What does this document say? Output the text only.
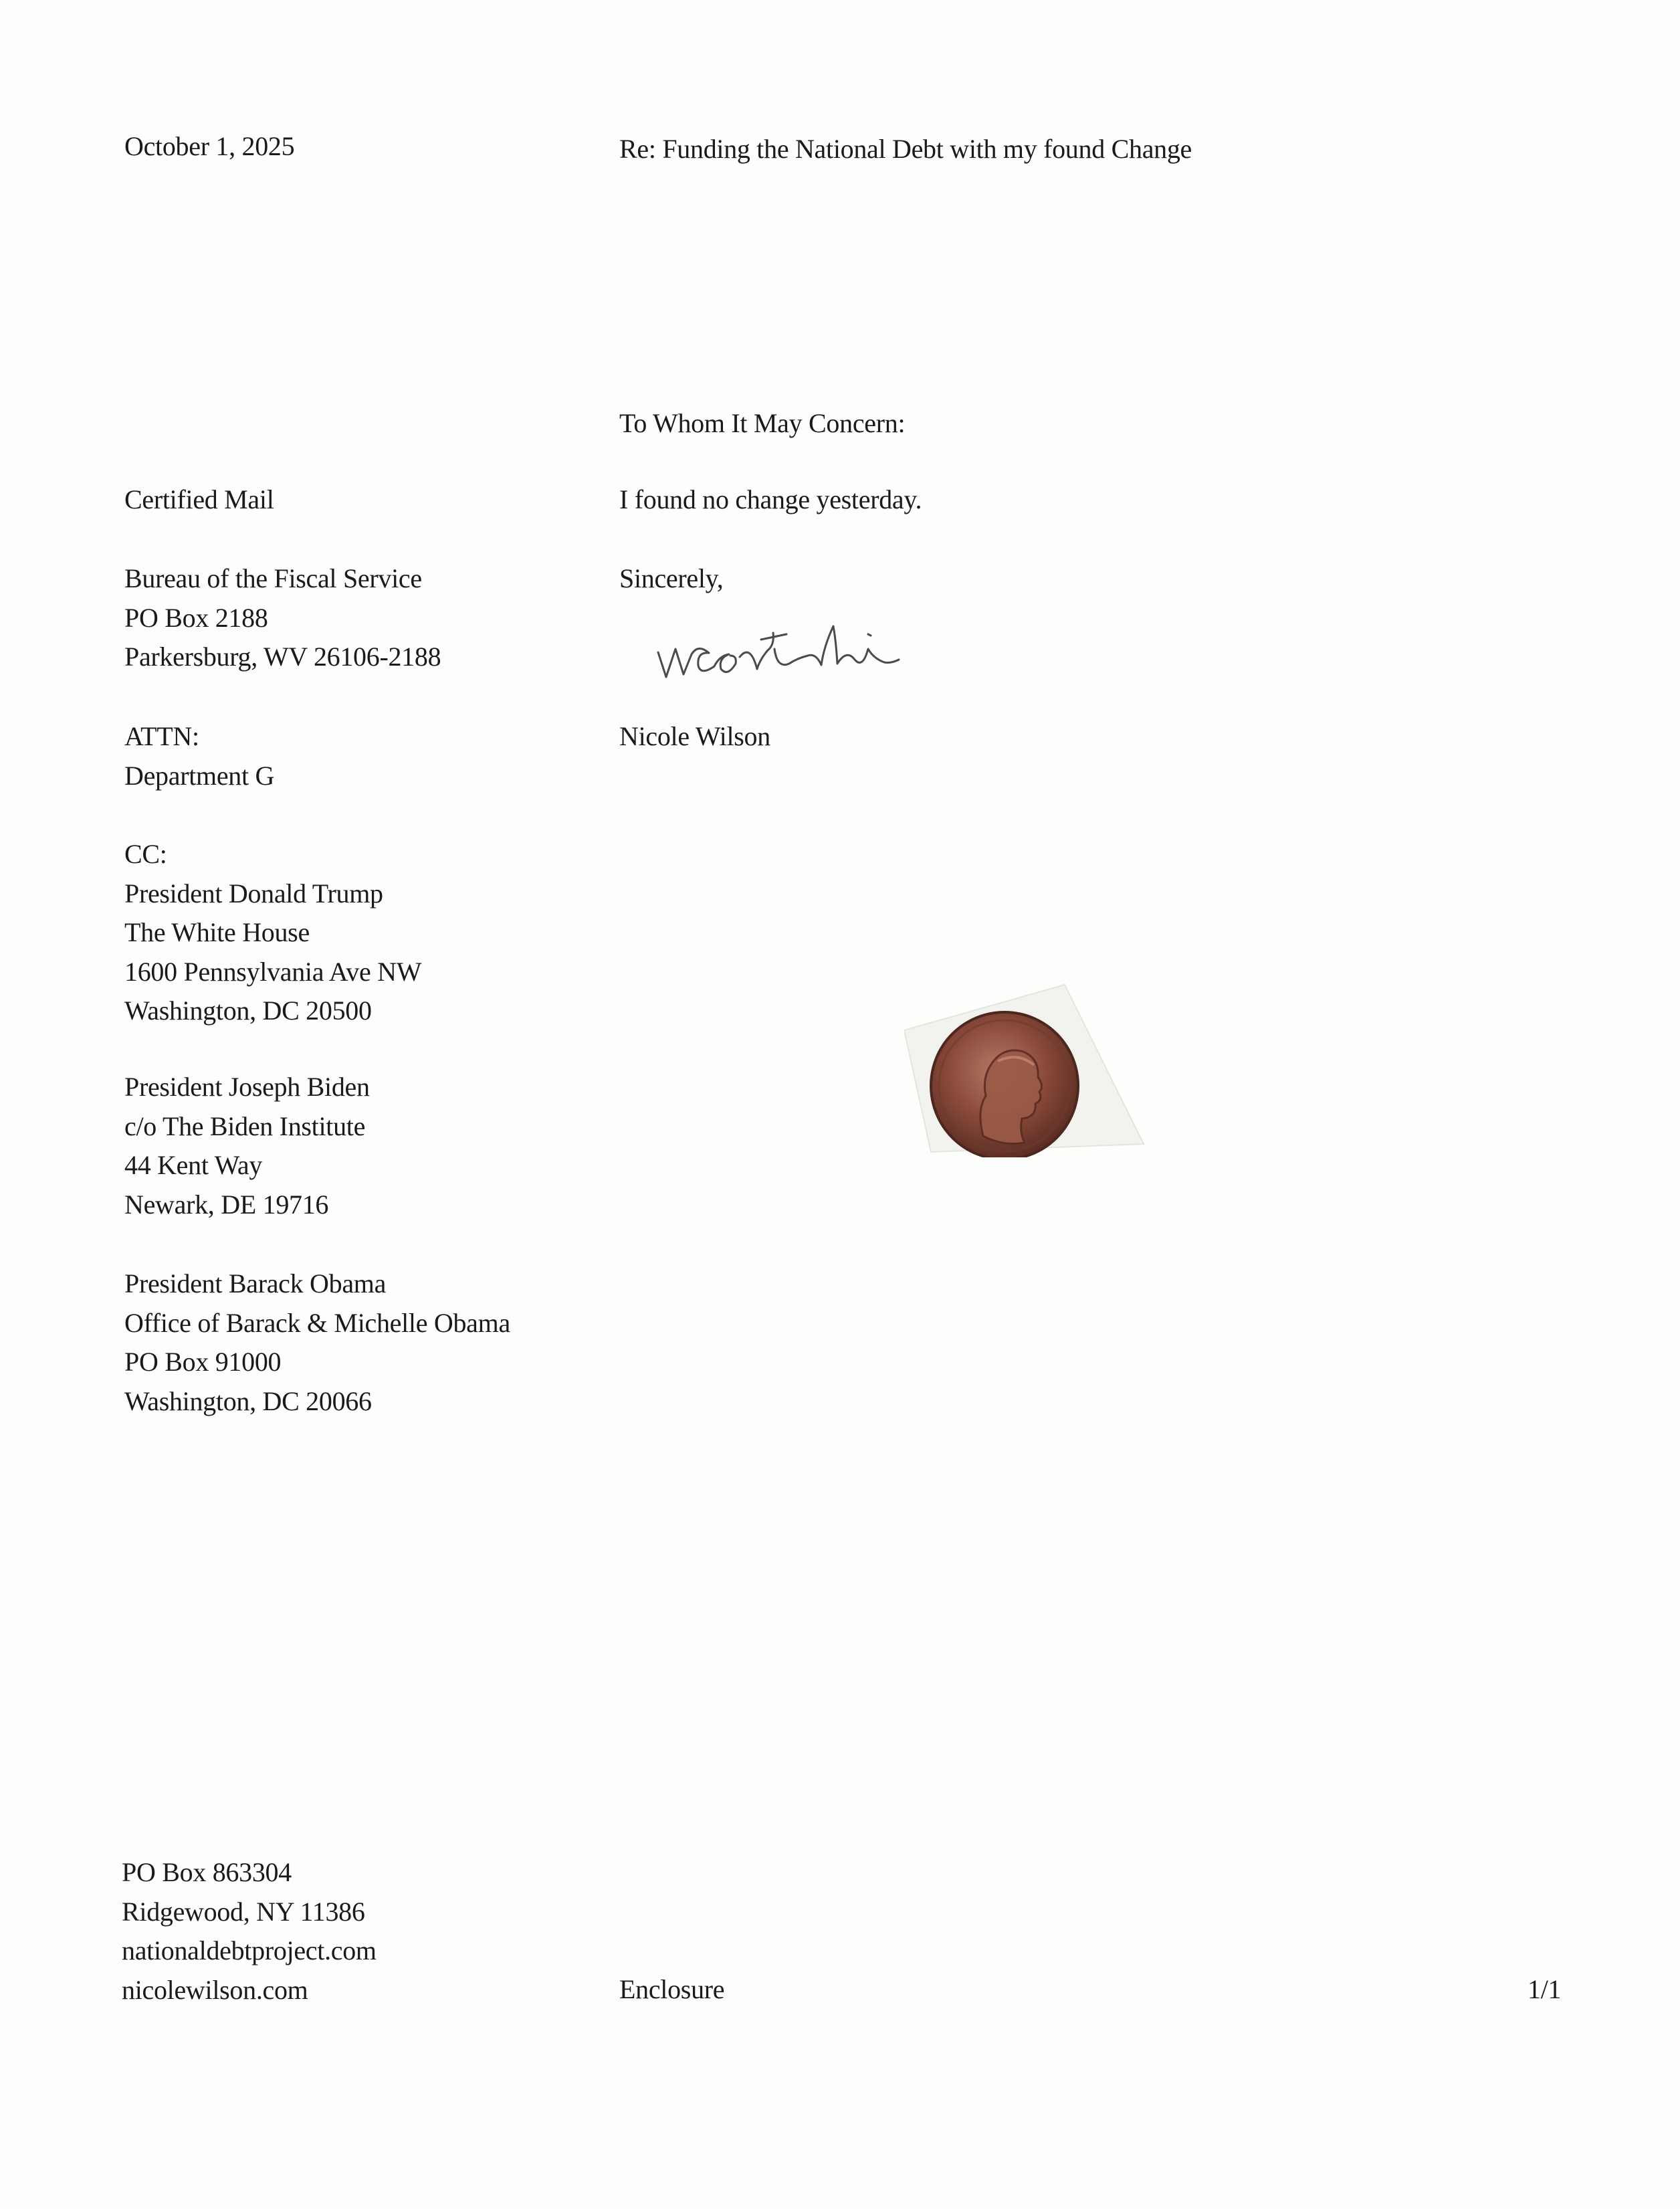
October 1, 2025	Re: Funding the National Debt with my found Change
To Whom It May Concern:
Certified Mail	I found no change yesterday.
Bureau of the Fiscal Service
PO Box 2188
Parkersburg, WV 26106-2188
Sincerely,
Nicole Wilson
ATTN:
Department G
CC:
President Donald Trump
The White House
1600 Pennsylvania Ave NW
Washington, DC 20500
President Joseph Biden
c/o The Biden Institute
44 Kent Way
Newark, DE 19716
President Barack Obama
Office of Barack & Michelle Obama
PO Box 91000
Washington, DC 20066
PO Box 863304
Ridgewood, NY 11386
nationaldebtproject.com
nicolewilson.com	Enclosure	1/1
